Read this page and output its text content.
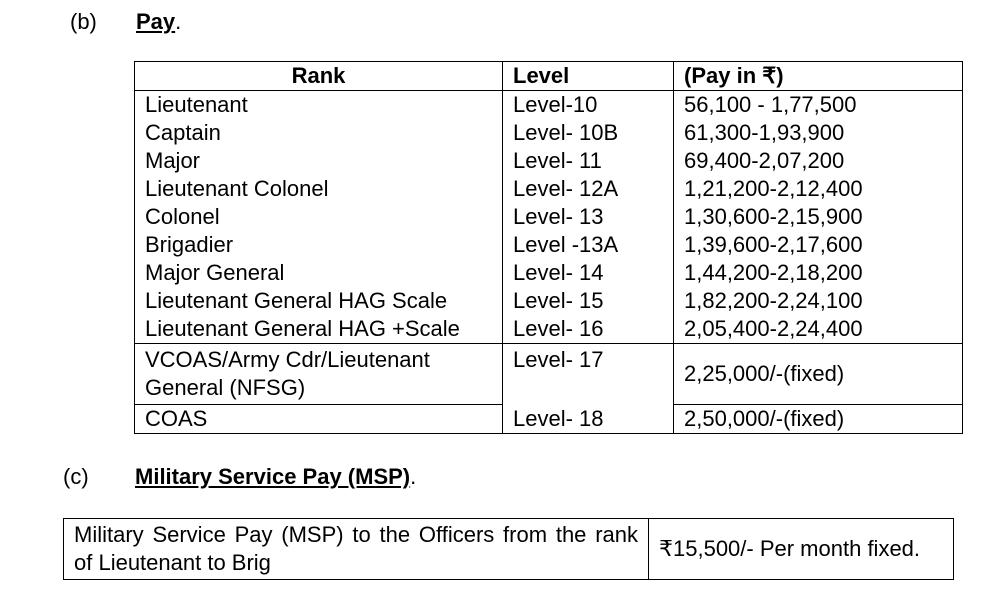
(b) Pay.
Rank	Level	(Pay in ₹)
Lieutenant	Level-10	56,100 - 1,77,500
Captain	Level- 10B	61,300-1,93,900
Major	Level- 11	69,400-2,07,200
Lieutenant Colonel	Level- 12A	1,21,200-2,12,400
Colonel	Level- 13	1,30,600-2,15,900
Brigadier	Level -13A	1,39,600-2,17,600
Major General	Level- 14	1,44,200-2,18,200
Lieutenant General HAG Scale	Level- 15	1,82,200-2,24,100
Lieutenant General HAG +Scale	Level- 16	2,05,400-2,24,400
VCOAS/Army Cdr/Lieutenant General (NFSG)	Level- 17	2,25,000/-(fixed)
COAS	Level- 18	2,50,000/-(fixed)
(c) Military Service Pay (MSP).
Military Service Pay (MSP) to the Officers from the rank of Lieutenant to Brig	₹15,500/- Per month fixed.
